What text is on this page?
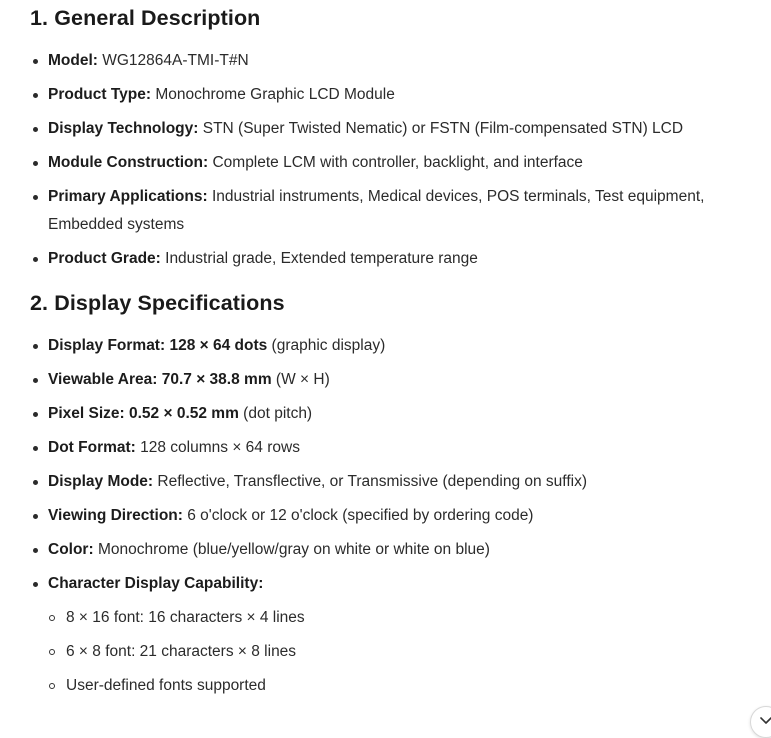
1. General Description
Model: WG12864A-TMI-T#N
Product Type: Monochrome Graphic LCD Module
Display Technology: STN (Super Twisted Nematic) or FSTN (Film-compensated STN) LCD
Module Construction: Complete LCM with controller, backlight, and interface
Primary Applications: Industrial instruments, Medical devices, POS terminals, Test equipment, Embedded systems
Product Grade: Industrial grade, Extended temperature range
2. Display Specifications
Display Format: 128 × 64 dots (graphic display)
Viewable Area: 70.7 × 38.8 mm (W × H)
Pixel Size: 0.52 × 0.52 mm (dot pitch)
Dot Format: 128 columns × 64 rows
Display Mode: Reflective, Transflective, or Transmissive (depending on suffix)
Viewing Direction: 6 o'clock or 12 o'clock (specified by ordering code)
Color: Monochrome (blue/yellow/gray on white or white on blue)
Character Display Capability:
8 × 16 font: 16 characters × 4 lines
6 × 8 font: 21 characters × 8 lines
User-defined fonts supported
